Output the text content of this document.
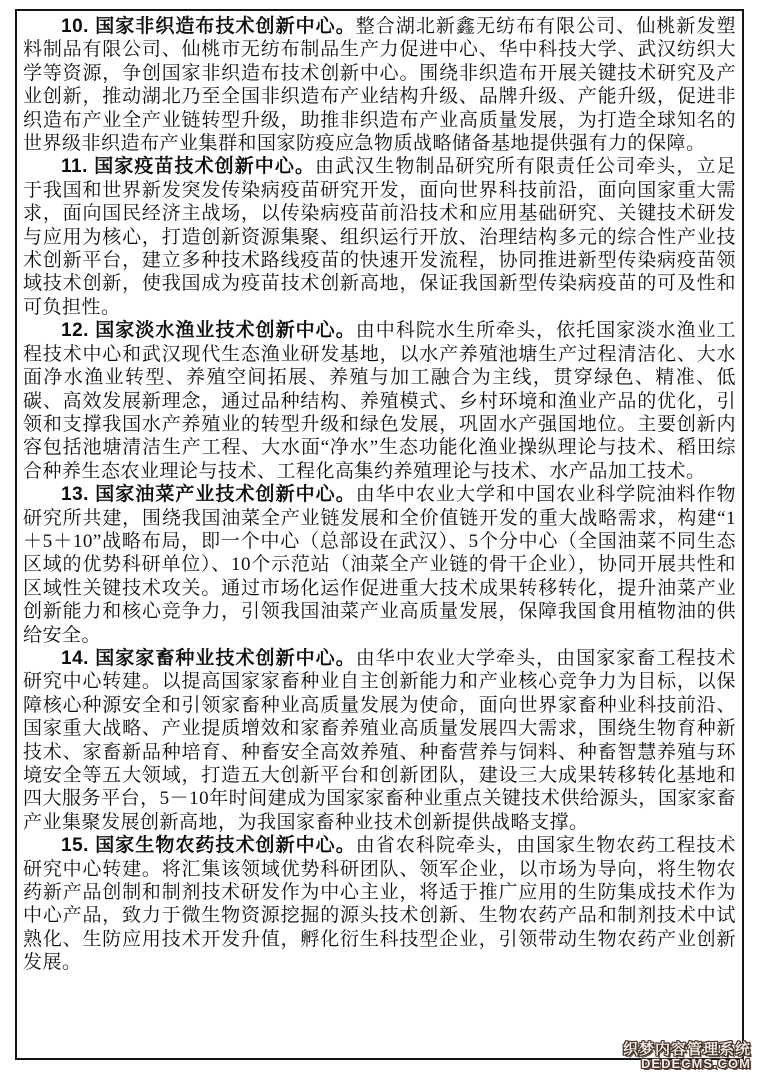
10. 国家非织造布技术创新中心。整合湖北新鑫无纺布有限公司、仙桃新发塑料制品有限公司、仙桃市无纺布制品生产力促进中心、华中科技大学、武汉纺织大学等资源，争创国家非织造布技术创新中心。围绕非织造布开展关键技术研究及产业创新，推动湖北乃至全国非织造布产业结构升级、品牌升级、产能升级，促进非织造布产业全产业链转型升级，助推非织造布产业高质量发展，为打造全球知名的世界级非织造布产业集群和国家防疫应急物质战略储备基地提供强有力的保障。

11. 国家疫苗技术创新中心。由武汉生物制品研究所有限责任公司牵头，立足于我国和世界新发突发传染病疫苗研究开发，面向世界科技前沿，面向国家重大需求，面向国民经济主战场，以传染病疫苗前沿技术和应用基础研究、关键技术研发与应用为核心，打造创新资源集聚、组织运行开放、治理结构多元的综合性产业技术创新平台，建立多种技术路线疫苗的快速开发流程，协同推进新型传染病疫苗领域技术创新，使我国成为疫苗技术创新高地，保证我国新型传染病疫苗的可及性和可负担性。

12. 国家淡水渔业技术创新中心。由中科院水生所牵头，依托国家淡水渔业工程技术中心和武汉现代生态渔业研发基地，以水产养殖池塘生产过程清洁化、大水面净水渔业转型、养殖空间拓展、养殖与加工融合为主线，贯穿绿色、精准、低碳、高效发展新理念，通过品种结构、养殖模式、乡村环境和渔业产品的优化，引领和支撑我国水产养殖业的转型升级和绿色发展，巩固水产强国地位。主要创新内容包括池塘清洁生产工程、大水面“净水”生态功能化渔业操纵理论与技术、稻田综合种养生态农业理论与技术、工程化高集约养殖理论与技术、水产品加工技术。

13. 国家油菜产业技术创新中心。由华中农业大学和中国农业科学院油料作物研究所共建，围绕我国油菜全产业链发展和全价值链开发的重大战略需求，构建“1＋5＋10”战略布局，即一个中心（总部设在武汉）、5个分中心（全国油菜不同生态区域的优势科研单位）、10个示范站（油菜全产业链的骨干企业），协同开展共性和区域性关键技术攻关。通过市场化运作促进重大技术成果转移转化，提升油菜产业创新能力和核心竞争力，引领我国油菜产业高质量发展，保障我国食用植物油的供给安全。

14. 国家家畜种业技术创新中心。由华中农业大学牵头，由国家家畜工程技术研究中心转建。以提高国家家畜种业自主创新能力和产业核心竞争力为目标，以保障核心种源安全和引领家畜种业高质量发展为使命，面向世界家畜种业科技前沿、国家重大战略、产业提质增效和家畜养殖业高质量发展四大需求，围绕生物育种新技术、家畜新品种培育、种畜安全高效养殖、种畜营养与饲料、种畜智慧养殖与环境安全等五大领域，打造五大创新平台和创新团队，建设三大成果转移转化基地和四大服务平台，5－10年时间建成为国家家畜种业重点关键技术供给源头，国家家畜产业集聚发展创新高地，为我国家畜种业技术创新提供战略支撑。

15. 国家生物农药技术创新中心。由省农科院牵头，由国家生物农药工程技术研究中心转建。将汇集该领域优势科研团队、领军企业，以市场为导向，将生物农药新产品创制和制剂技术研发作为中心主业，将适于推广应用的生防集成技术作为中心产品，致力于微生物资源挖掘的源头技术创新、生物农药产品和制剂技术中试熟化、生防应用技术开发升值，孵化衍生科技型企业，引领带动生物农药产业创新发展。

织梦内容管理系统
DEDECMS.COM
